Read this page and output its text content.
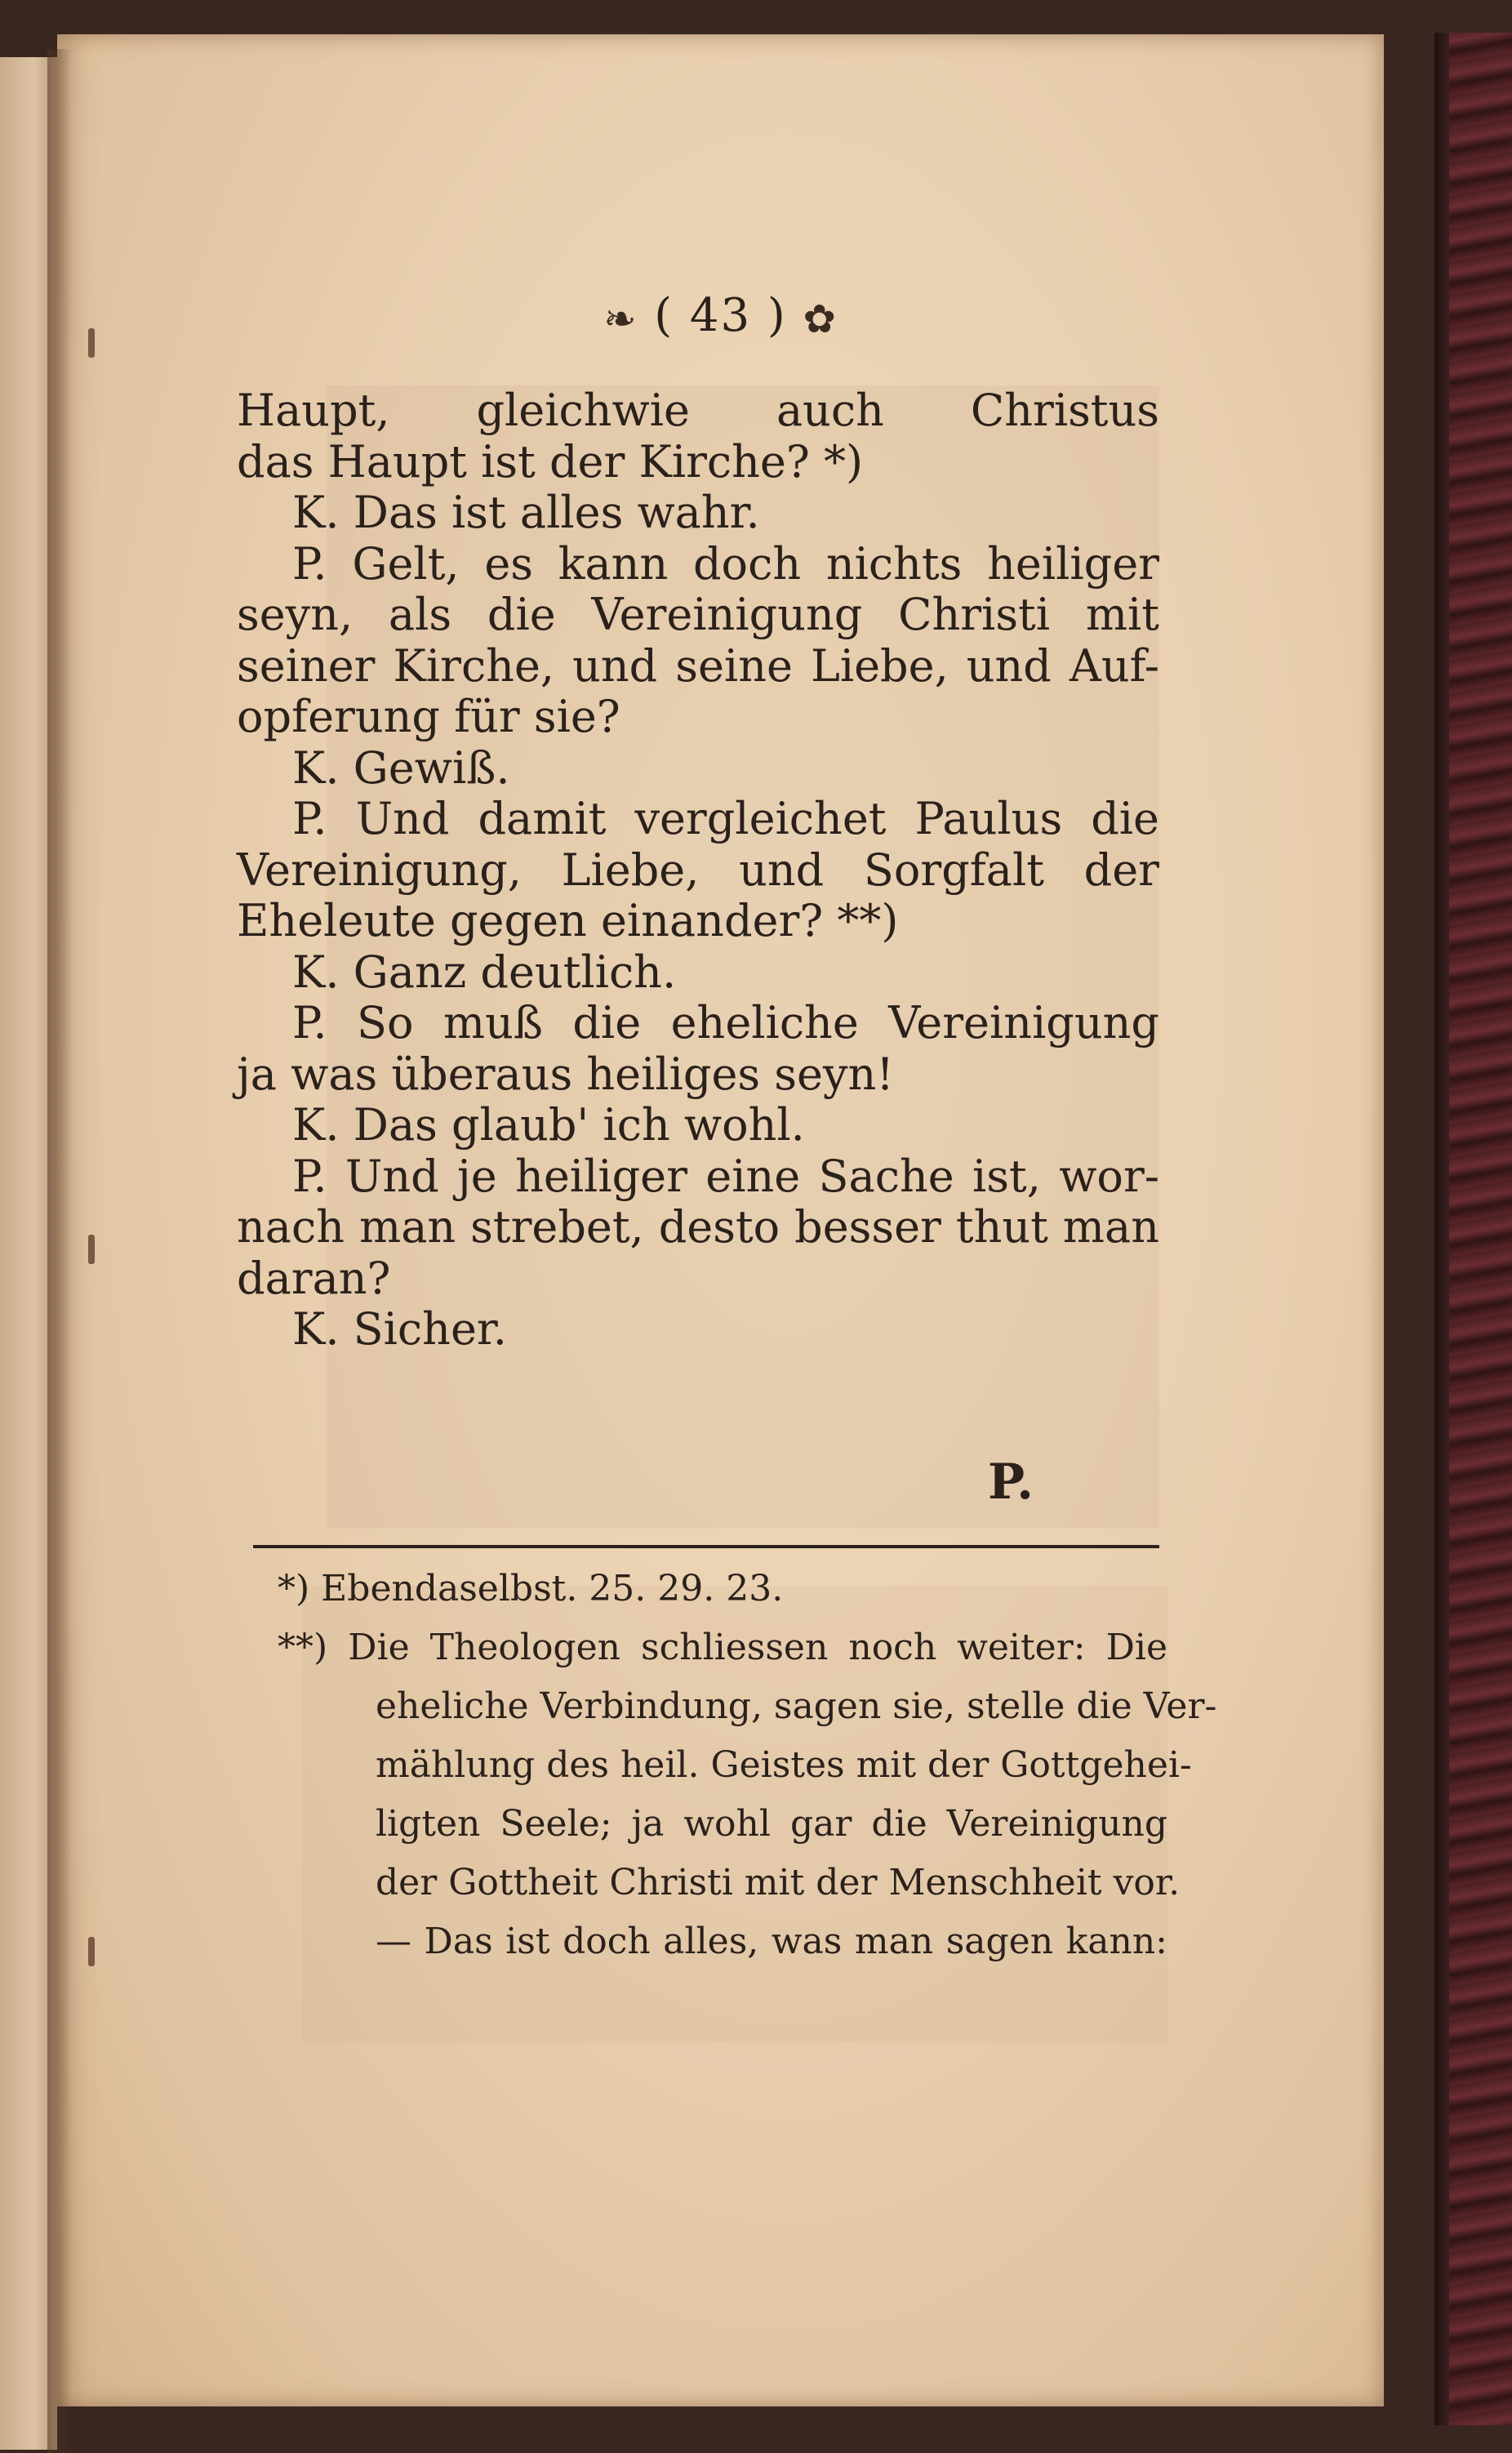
❧ ( 43 ) ✿
Haupt, gleichwie auch Christus
das Haupt ist der Kirche? *)
K. Das ist alles wahr.
P. Gelt, es kann doch nichts heiliger
seyn, als die Vereinigung Christi mit
seiner Kirche, und seine Liebe, und Auf-
opferung für sie?
K. Gewiß.
P. Und damit vergleichet Paulus die
Vereinigung, Liebe, und Sorgfalt der
Eheleute gegen einander? **)
K. Ganz deutlich.
P. So muß die eheliche Vereinigung
ja was überaus heiliges seyn!
K. Das glaub' ich wohl.
P. Und je heiliger eine Sache ist, wor-
nach man strebet, desto besser thut man
daran?
K. Sicher.
P.
*) Ebendaselbst. 25. 29. 23.
**) Die Theologen schliessen noch weiter: Die
eheliche Verbindung, sagen sie, stelle die Ver-
mählung des heil. Geistes mit der Gottgehei-
ligten Seele; ja wohl gar die Vereinigung
der Gottheit Christi mit der Menschheit vor.
— Das ist doch alles, was man sagen kann:
